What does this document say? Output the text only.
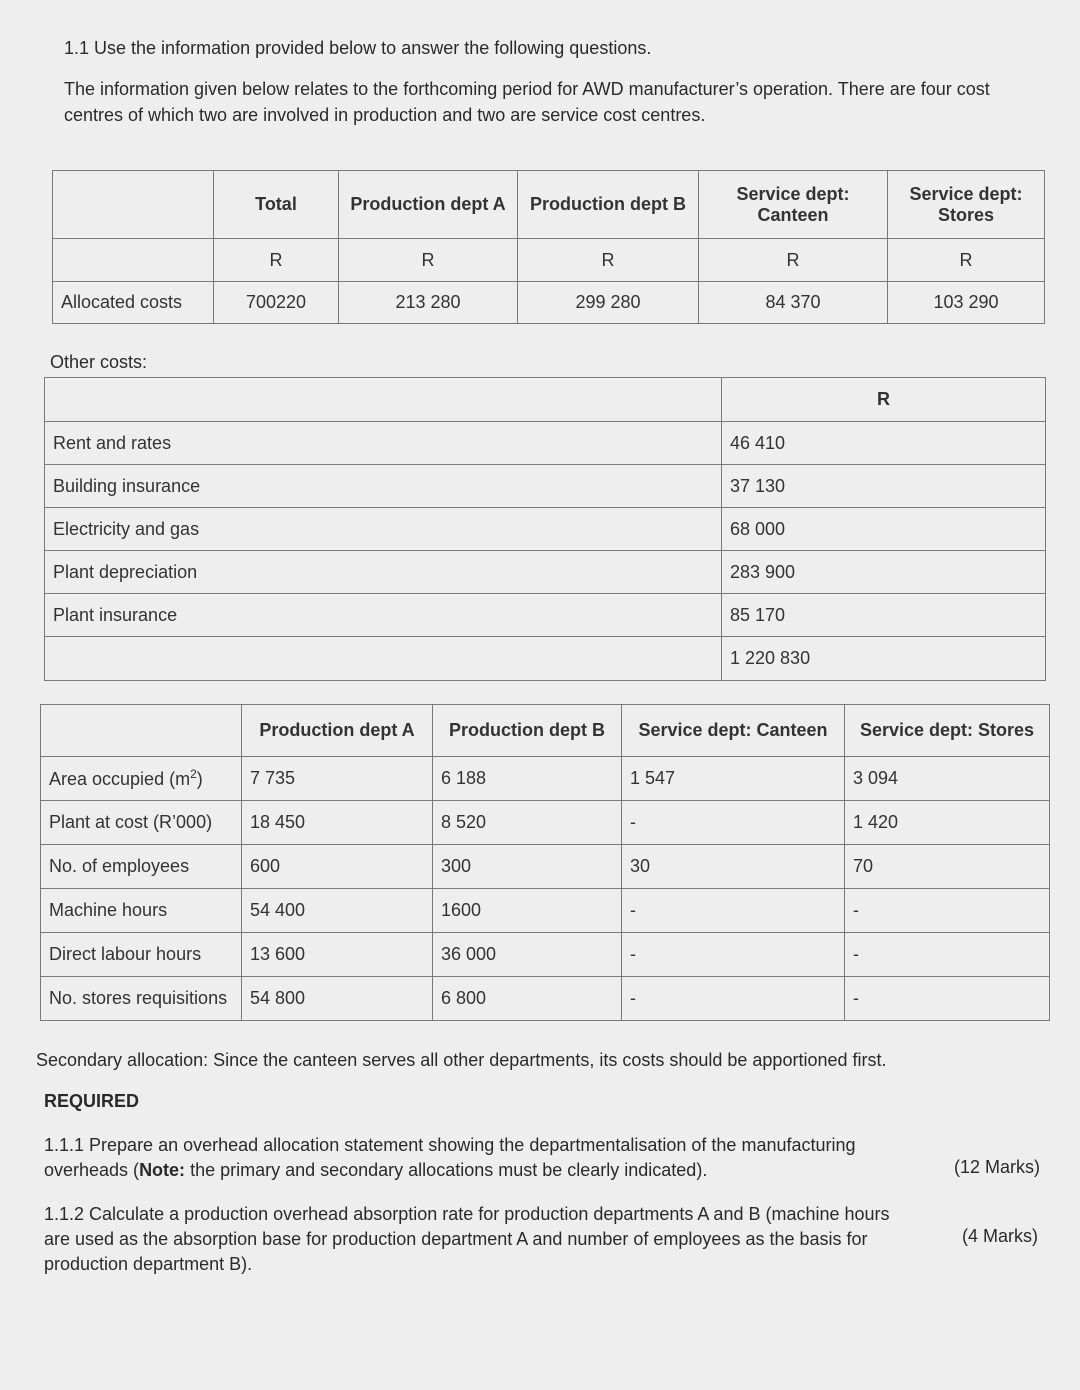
1.1 Use the information provided below to answer the following questions.

The information given below relates to the forthcoming period for AWD manufacturer’s operation. There are four cost

centres of which two are involved in production and two are service cost centres.

	Total	Production dept A	Production dept B	Service dept: Canteen	Service dept: Stores
	R	R	R	R	R
Allocated costs	700220	213 280	299 280	84 370	103 290

Other costs:

	R
Rent and rates	46 410
Building insurance	37 130
Electricity and gas	68 000
Plant depreciation	283 900
Plant insurance	85 170
	1 220 830
	Production dept A	Production dept B	Service dept: Canteen	Service dept: Stores
Area occupied $(m^2)$	7 735	6 188	1 547	3 094
Plant at cost (R’000)	18 450	8 520	-	1 420
No. of employees	600	300	30	70
Machine hours	54 400	1600	-	-
Direct labour hours	13 600	36 000	-	-
No. stores requisitions	54 800	6 800	-	-

Secondary allocation: Since the canteen serves all other departments, its costs should be apportioned first.

REQUIRED

1.1.1 Prepare an overhead allocation statement showing the departmentalisation of the manufacturing

overheads (Note: the primary and secondary allocations must be clearly indicated).	(12 Marks)

1.1.2 Calculate a production overhead absorption rate for production departments A and B (machine hours

are used as the absorption base for production department A and number of employees as the basis for

production department B).

(4 Marks)
